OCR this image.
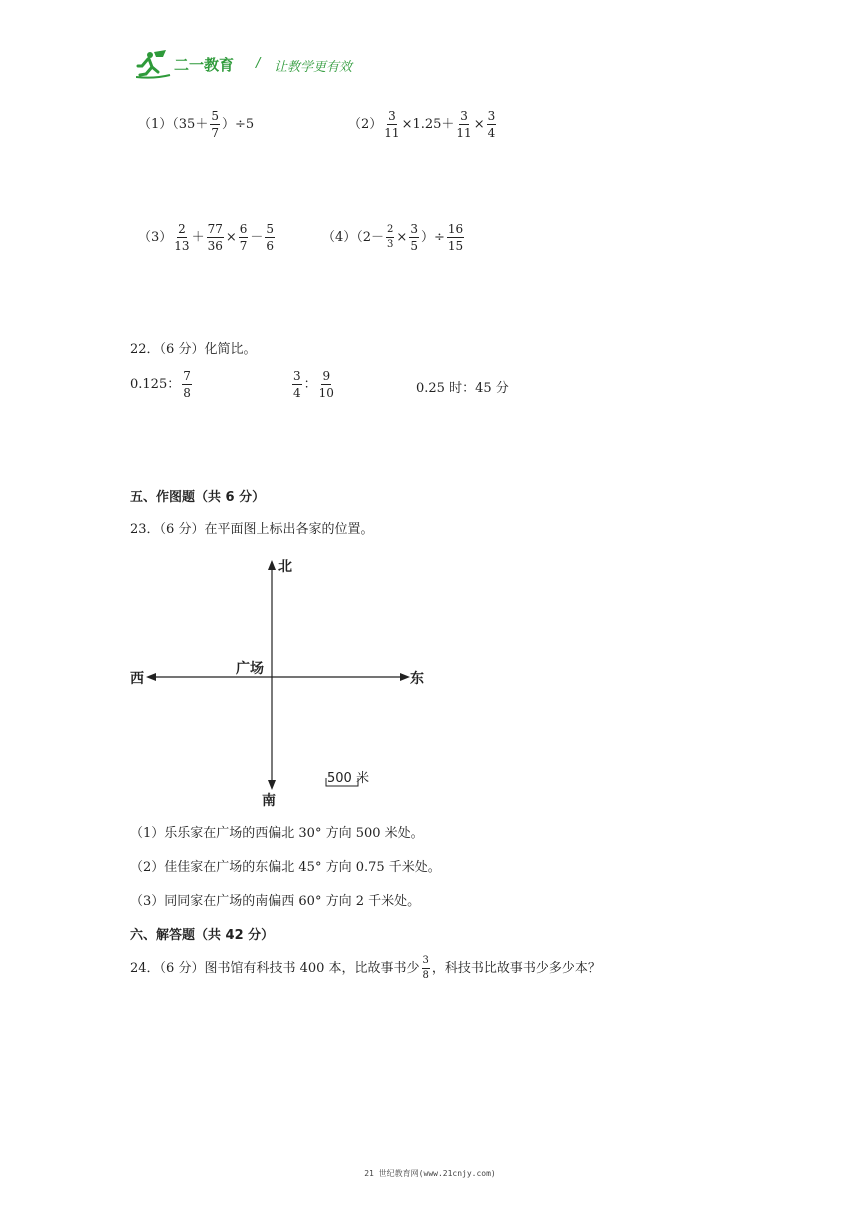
二一教育 / 让教学更有效
$(1)(35+ \frac{5}{7} )\div 5$	$(2) \frac{3}{11} \times 1.25+ \frac{3}{11} \times \frac{3}{4}$
$(3) \frac{2}{13} + \frac{77}{36} \times \frac{6}{7} - \frac{5}{6}$	$(4)(2- \frac{2}{3} \times \frac{3}{5}$ ）÷ $\frac{16}{15}$
22．（6 分）化简比。
0.125： $\frac{7}{8}$	$\frac{3}{4}$ ： $\frac{9}{10}$	0.25 时：45 分
五、作图题（共 6 分）
23．（6 分）在平面图上标出各家的位置。
北
南
西	东
广场
500 米
（1）乐乐家在广场的西偏北 30° 方向 500 米处。
（2）佳佳家在广场的东偏北 45° 方向 0.75 千米处。
（3）同同家在广场的南偏西 60° 方向 2 千米处。
六、解答题（共 42 分）
24．（6 分）图书馆有科技书 400 本，比故事书少 $\frac{3}{8}$ ，科技书比故事书少多少本？
21 世纪教育网(www.21cnjy.com)
